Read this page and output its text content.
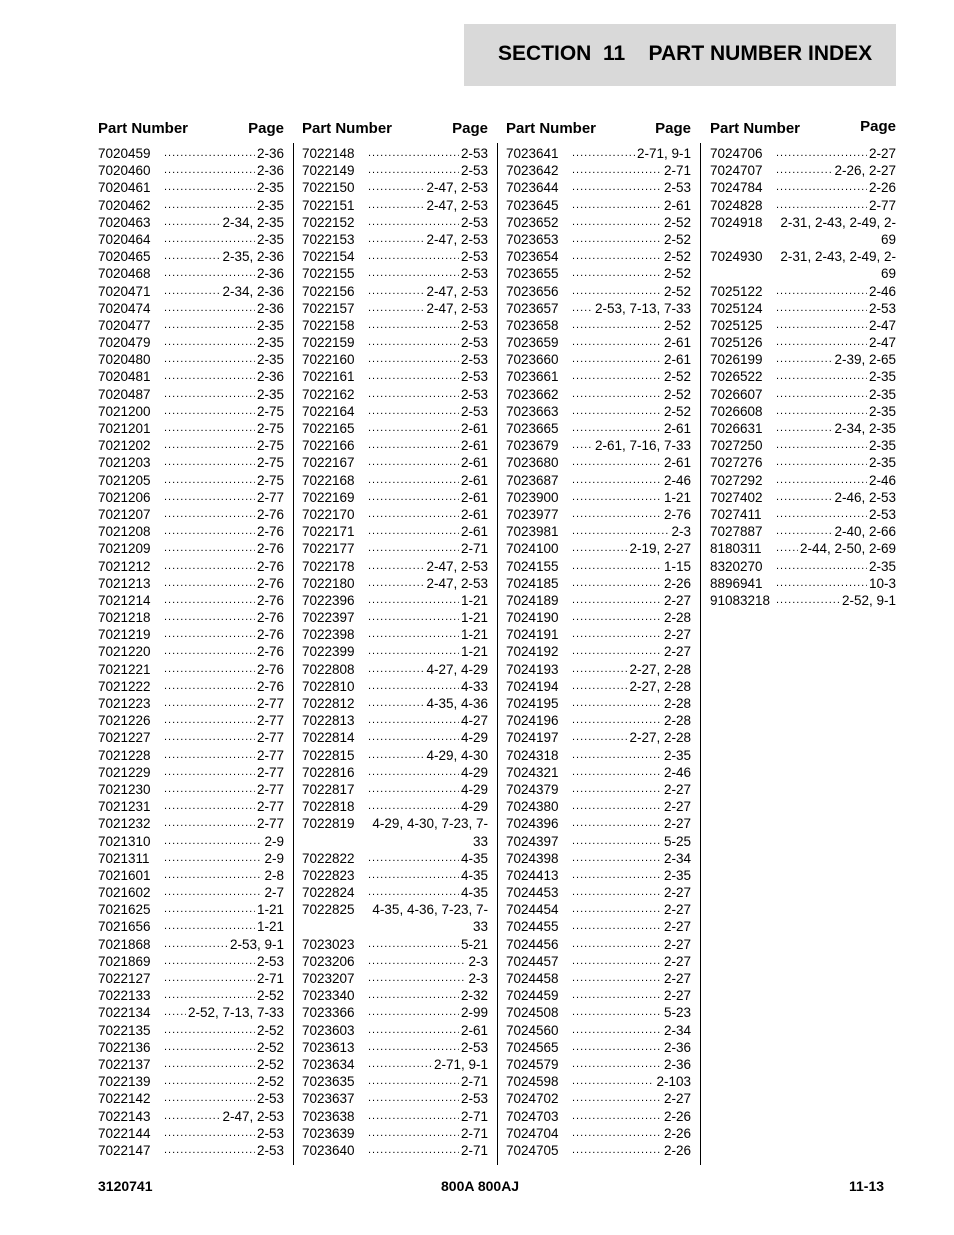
SECTION  11    PART NUMBER INDEX
Part Number	Page
7020459 .....	2-36
7020460 .....	2-36
7020461 .....	2-35
7020462 .....	2-35
7020463 .....	2-34, 2-35
7020464 .....	2-35
7020465 .....	2-35, 2-36
7020468 .....	2-36
7020471 .....	2-34, 2-36
7020474 .....	2-36
7020477 .....	2-35
7020479 .....	2-35
7020480 .....	2-35
7020481 .....	2-36
7020487 .....	2-35
7021200 .....	2-75
7021201 .....	2-75
7021202 .....	2-75
7021203 .....	2-75
7021205 .....	2-75
7021206 .....	2-77
7021207 .....	2-76
7021208 .....	2-76
7021209 .....	2-76
7021212 .....	2-76
7021213 .....	2-76
7021214 .....	2-76
7021218 .....	2-76
7021219 .....	2-76
7021220 .....	2-76
7021221 .....	2-76
7021222 .....	2-76
7021223 .....	2-77
7021226 .....	2-77
7021227 .....	2-77
7021228 .....	2-77
7021229 .....	2-77
7021230 .....	2-77
7021231 .....	2-77
7021232 .....	2-77
7021310 .....	2-9
7021311 .....	2-9
7021601 .....	2-8
7021602 .....	2-7
7021625 .....	1-21
7021656 .....	1-21
7021868 .....	2-53, 9-1
7021869 .....	2-53
7022127 .....	2-71
7022133 .....	2-52
7022134 .....	2-52, 7-13, 7-33
7022135 .....	2-52
7022136 .....	2-52
7022137 .....	2-52
7022139 .....	2-52
7022142 .....	2-53
7022143 .....	2-47, 2-53
7022144 .....	2-53
7022147 .....	2-53
Part Number	Page
7022148 .....	2-53
7022149 .....	2-53
7022150 .....	2-47, 2-53
7022151 .....	2-47, 2-53
7022152 .....	2-53
7022153 .....	2-47, 2-53
7022154 .....	2-53
7022155 .....	2-53
7022156 .....	2-47, 2-53
7022157 .....	2-47, 2-53
7022158 .....	2-53
7022159 .....	2-53
7022160 .....	2-53
7022161 .....	2-53
7022162 .....	2-53
7022164 .....	2-53
7022165 .....	2-61
7022166 .....	2-61
7022167 .....	2-61
7022168 .....	2-61
7022169 .....	2-61
7022170 .....	2-61
7022171 .....	2-61
7022177 .....	2-71
7022178 .....	2-47, 2-53
7022180 .....	2-47, 2-53
7022396 .....	1-21
7022397 .....	1-21
7022398 .....	1-21
7022399 .....	1-21
7022808 .....	4-27, 4-29
7022810 .....	4-33
7022812 .....	4-35, 4-36
7022813 .....	4-27
7022814 .....	4-29
7022815 .....	4-29, 4-30
7022816 .....	4-29
7022817 .....	4-29
7022818 .....	4-29
7022819	4-29, 4-30, 7-23, 7-33
7022822 .....	4-35
7022823 .....	4-35
7022824 .....	4-35
7022825	4-35, 4-36, 7-23, 7-33
7023023 .....	5-21
7023206 .....	2-3
7023207 .....	2-3
7023340 .....	2-32
7023366 .....	2-99
7023603 .....	2-61
7023613 .....	2-53
7023634 .....	2-71, 9-1
7023635 .....	2-71
7023637 .....	2-53
7023638 .....	2-71
7023639 .....	2-71
7023640 .....	2-71
Part Number	Page
7023641 .....	2-71, 9-1
7023642 .....	2-71
7023644 .....	2-53
7023645 .....	2-61
7023652 .....	2-52
7023653 .....	2-52
7023654 .....	2-52
7023655 .....	2-52
7023656 .....	2-52
7023657 .....	2-53, 7-13, 7-33
7023658 .....	2-52
7023659 .....	2-61
7023660 .....	2-61
7023661 .....	2-52
7023662 .....	2-52
7023663 .....	2-52
7023665 .....	2-61
7023679 .....	2-61, 7-16, 7-33
7023680 .....	2-61
7023687 .....	2-46
7023900 .....	1-21
7023977 .....	2-76
7023981 .....	2-3
7024100 .....	2-19, 2-27
7024155 .....	1-15
7024185 .....	2-26
7024189 .....	2-27
7024190 .....	2-28
7024191 .....	2-27
7024192 .....	2-27
7024193 .....	2-27, 2-28
7024194 .....	2-27, 2-28
7024195 .....	2-28
7024196 .....	2-28
7024197 .....	2-27, 2-28
7024318 .....	2-35
7024321 .....	2-46
7024379 .....	2-27
7024380 .....	2-27
7024396 .....	2-27
7024397 .....	5-25
7024398 .....	2-34
7024413 .....	2-35
7024453 .....	2-27
7024454 .....	2-27
7024455 .....	2-27
7024456 .....	2-27
7024457 .....	2-27
7024458 .....	2-27
7024459 .....	2-27
7024508 .....	5-23
7024560 .....	2-34
7024565 .....	2-36
7024579 .....	2-36
7024598 .....	2-103
7024702 .....	2-27
7024703 .....	2-26
7024704 .....	2-26
7024705 .....	2-26
Part Number	Page
7024706 .....	2-27
7024707 .....	2-26, 2-27
7024784 .....	2-26
7024828 .....	2-77
7024918	2-31, 2-43, 2-49, 2-69
7024930	2-31, 2-43, 2-49, 2-69
7025122 .....	2-46
7025124 .....	2-53
7025125 .....	2-47
7025126 .....	2-47
7026199 .....	2-39, 2-65
7026522 .....	2-35
7026607 .....	2-35
7026608 .....	2-35
7026631 .....	2-34, 2-35
7027250 .....	2-35
7027276 .....	2-35
7027292 .....	2-46
7027402 .....	2-46, 2-53
7027411 .....	2-53
7027887 .....	2-40, 2-66
8180311 .....	2-44, 2-50, 2-69
8320270 .....	2-35
8896941 .....	10-3
91083218 .....	2-52, 9-1
3120741	800A 800AJ	11-13
